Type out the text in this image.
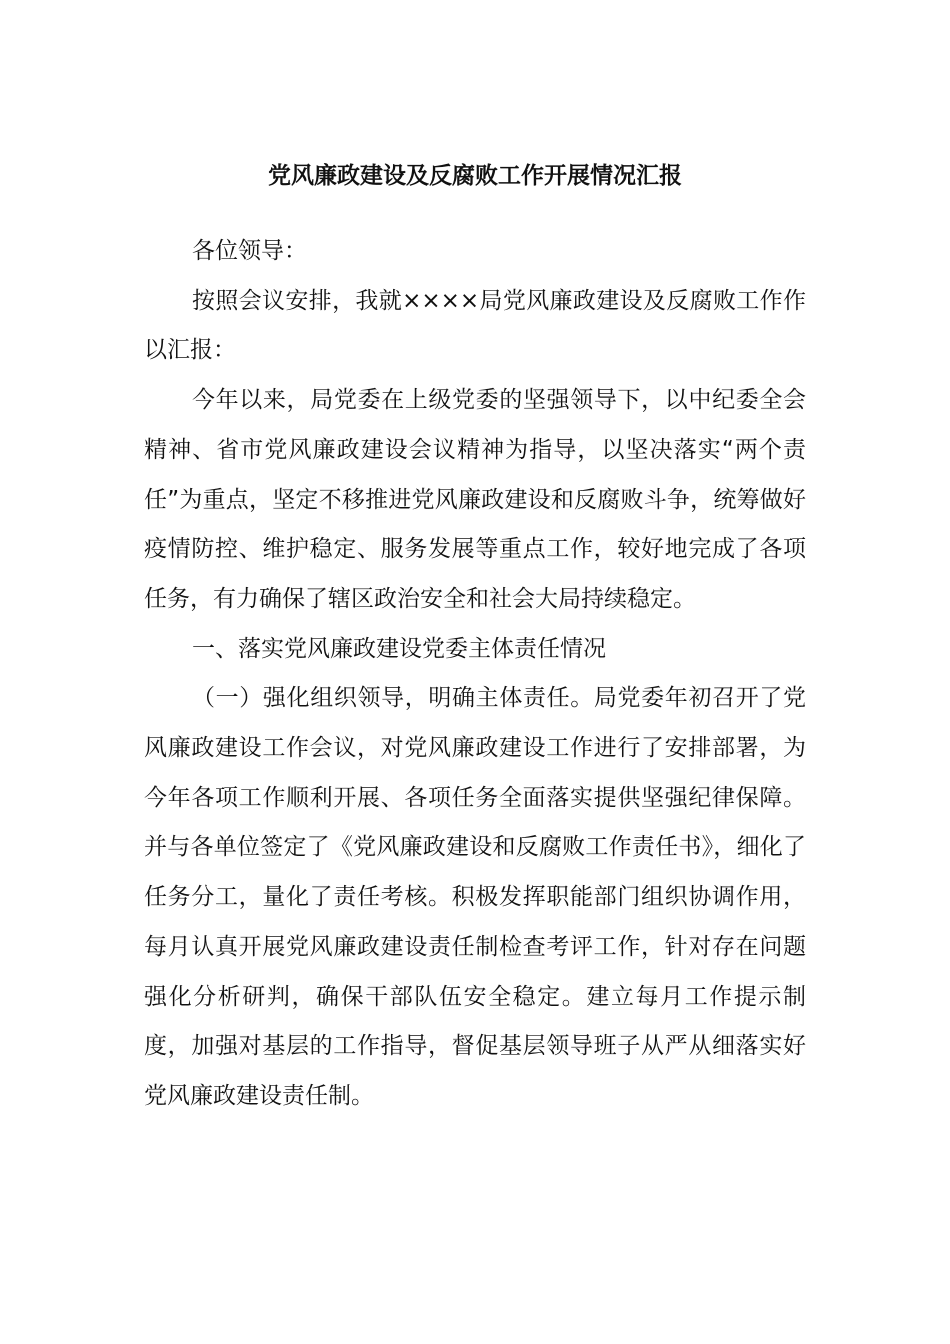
党风廉政建设及反腐败工作开展情况汇报

各位领导：

按照会议安排，我就××××局党风廉政建设及反腐败工作作以汇报：

今年以来，局党委在上级党委的坚强领导下，以中纪委全会精神、省市党风廉政建设会议精神为指导，以坚决落实“两个责任”为重点，坚定不移推进党风廉政建设和反腐败斗争，统筹做好疫情防控、维护稳定、服务发展等重点工作，较好地完成了各项任务，有力确保了辖区政治安全和社会大局持续稳定。

一、落实党风廉政建设党委主体责任情况

（一）强化组织领导，明确主体责任。局党委年初召开了党风廉政建设工作会议，对党风廉政建设工作进行了安排部署，为今年各项工作顺利开展、各项任务全面落实提供坚强纪律保障。并与各单位签定了《党风廉政建设和反腐败工作责任书》，细化了任务分工，量化了责任考核。积极发挥职能部门组织协调作用，每月认真开展党风廉政建设责任制检查考评工作，针对存在问题强化分析研判，确保干部队伍安全稳定。建立每月工作提示制度，加强对基层的工作指导，督促基层领导班子从严从细落实好党风廉政建设责任制。
